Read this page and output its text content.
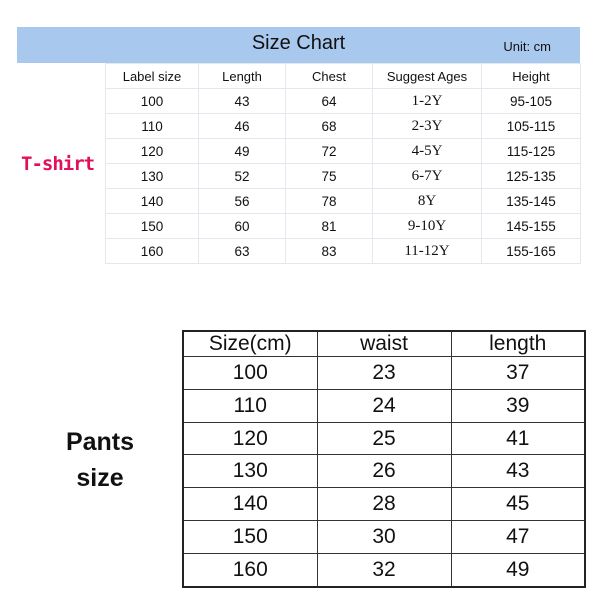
Size Chart	Unit: cm
T-shirt
Label size	Length	Chest	Suggest Ages	Height
100	43	64	1-2Y	95-105
110	46	68	2-3Y	105-115
120	49	72	4-5Y	115-125
130	52	75	6-7Y	125-135
140	56	78	8Y	135-145
150	60	81	9-10Y	145-155
160	63	83	11-12Y	155-165
Pants
size
Size(cm)	waist	length
100	23	37
110	24	39
120	25	41
130	26	43
140	28	45
150	30	47
160	32	49
